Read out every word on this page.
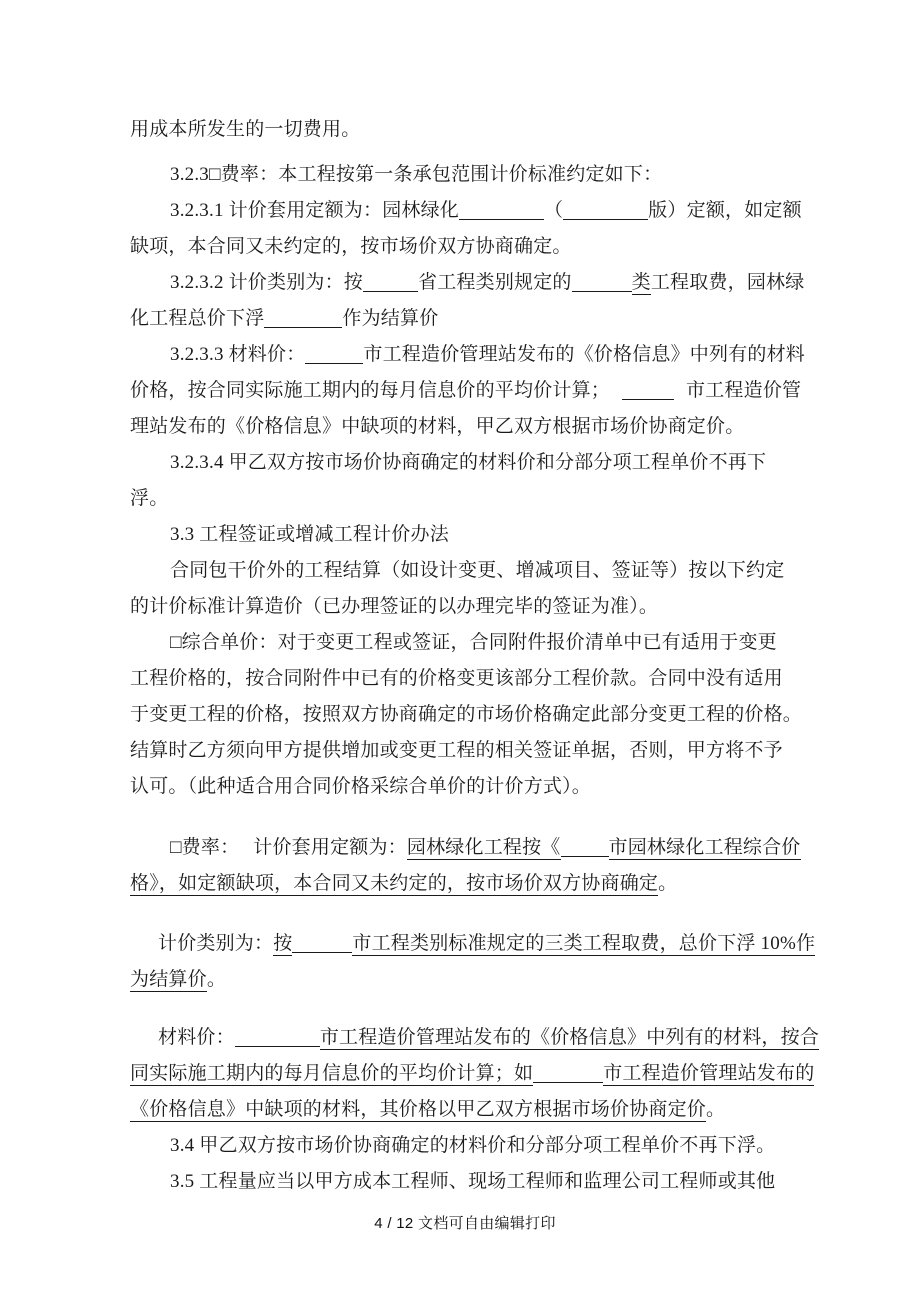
用成本所发生的一切费用。
3.2.3□费率：本工程按第一条承包范围计价标准约定如下：
3.2.3.1 计价套用定额为：园林绿化	（	版）定额，如定额
缺项，本合同又未约定的，按市场价双方协商确定。
3.2.3.2 计价类别为：按	省工程类别规定的	类工程取费，园林绿
化工程总价下浮	作为结算价
3.2.3.3 材料价：	市工程造价管理站发布的《价格信息》中列有的材料
价格，按合同实际施工期内的每月信息价的平均价计算；	市工程造价管
理站发布的《价格信息》中缺项的材料，甲乙双方根据市场价协商定价。
3.2.3.4 甲乙双方按市场价协商确定的材料价和分部分项工程单价不再下
浮。
3.3 工程签证或增减工程计价办法
合同包干价外的工程结算（如设计变更、增减项目、签证等）按以下约定
的计价标准计算造价（已办理签证的以办理完毕的签证为准）。
□综合单价：对于变更工程或签证，合同附件报价清单中已有适用于变更
工程价格的，按合同附件中已有的价格变更该部分工程价款。合同中没有适用
于变更工程的价格，按照双方协商确定的市场价格确定此部分变更工程的价格。
结算时乙方须向甲方提供增加或变更工程的相关签证单据，否则，甲方将不予
认可。（此种适合用合同价格采综合单价的计价方式）。
□费率： 计价套用定额为：园林绿化工程按《	市园林绿化工程综合价
格》，如定额缺项，本合同又未约定的，按市场价双方协商确定。
计价类别为：按	市工程类别标准规定的三类工程取费，总价下浮 10%作
为结算价。
材料价：	市工程造价管理站发布的《价格信息》中列有的材料，按合
同实际施工期内的每月信息价的平均价计算；如	市工程造价管理站发布的
《价格信息》中缺项的材料，其价格以甲乙双方根据市场价协商定价。
3.4 甲乙双方按市场价协商确定的材料价和分部分项工程单价不再下浮。
3.5 工程量应当以甲方成本工程师、现场工程师和监理公司工程师或其他
4 / 12 文档可自由编辑打印
